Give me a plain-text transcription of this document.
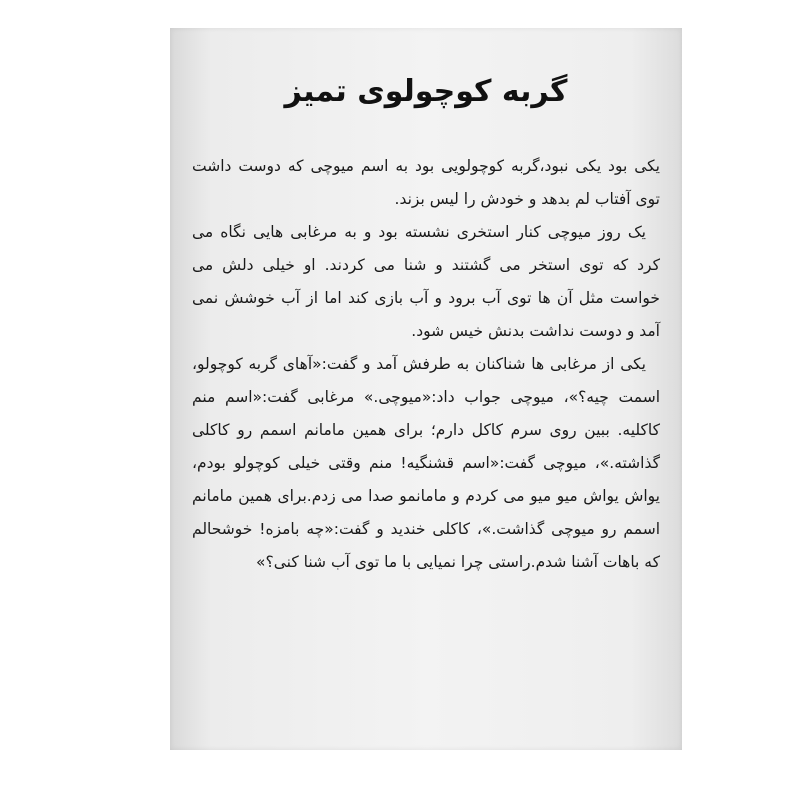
گربه کوچولوی تمیز

یکی بود یکی نبود،گربه کوچولویی بود به اسم میوچی که دوست داشت توی آفتاب لم بدهد و خودش را لیس بزند.

یک روز میوچی کنار استخری نشسته بود و به مرغابی هایی نگاه می کرد که توی استخر می گشتند و شنا می کردند. او خیلی دلش می خواست مثل آن ها توی آب برود و آب بازی کند اما از آب خوشش نمی آمد و دوست نداشت بدنش خیس شود.

یکی از مرغابی ها شناکنان به طرفش آمد و گفت:«آهای گربه کوچولو، اسمت چیه؟»، میوچی جواب داد:«میوچی.» مرغابی گفت:«اسم منم کاکلیه. ببین روی سرم کاکل دارم؛ برای همین مامانم اسمم رو کاکلی گذاشته.»، میوچی گفت:«اسم قشنگیه! منم وقتی خیلی کوچولو بودم، یواش یواش میو میو می کردم و مامانمو صدا می زدم.برای همین مامانم اسمم رو میوچی گذاشت.»، کاکلی خندید و گفت:«چه بامزه! خوشحالم که باهات آشنا شدم.راستی چرا نمیایی با ما توی آب شنا کنی؟»
